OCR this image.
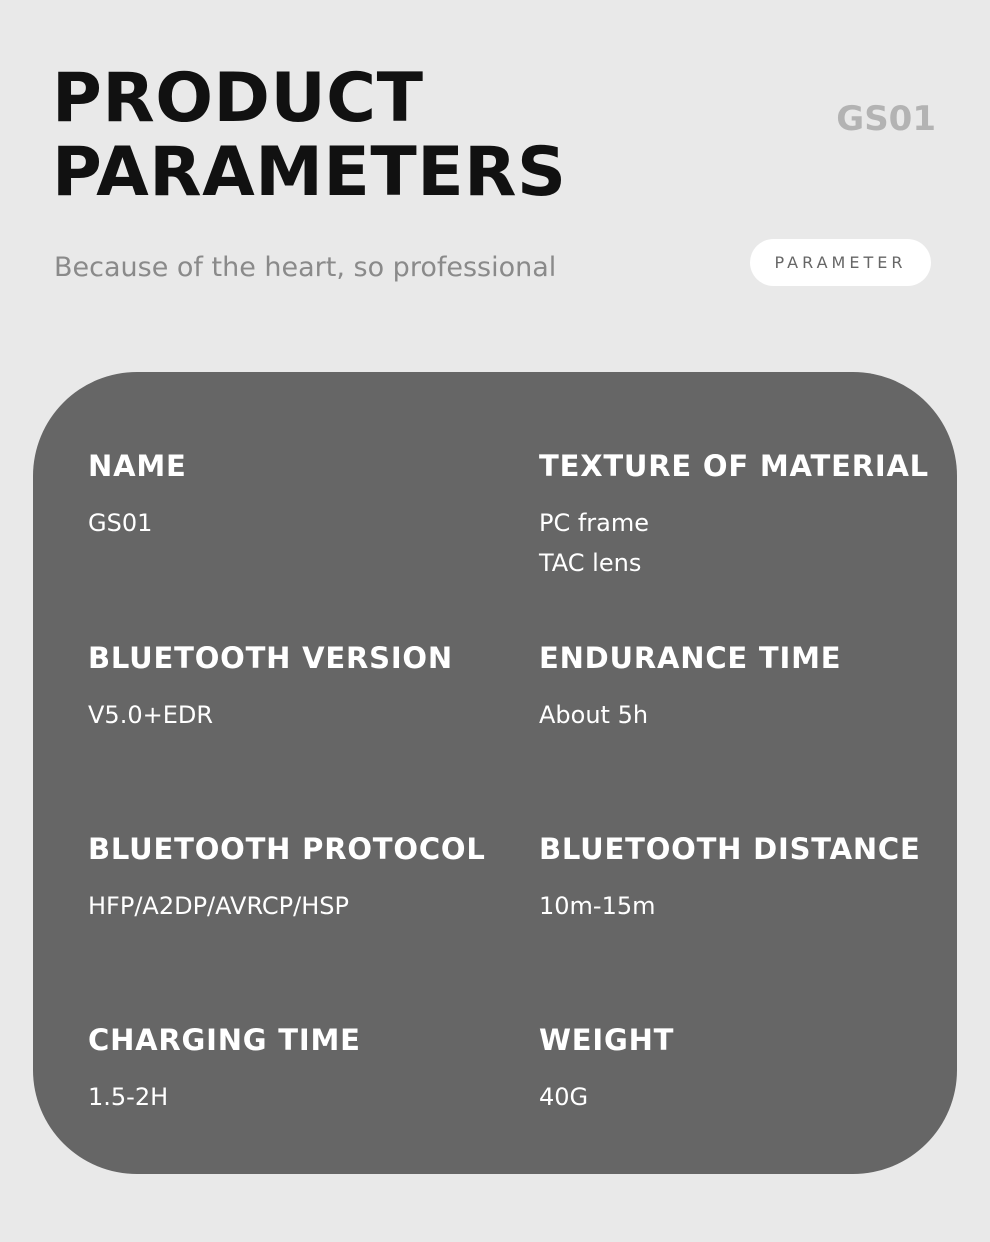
PRODUCT
PARAMETERS
GS01
Because of the heart, so professional	PARAMETER
NAME
GS01
TEXTURE OF MATERIAL
PC frame
TAC lens
BLUETOOTH VERSION
V5.0+EDR
ENDURANCE TIME
About 5h
BLUETOOTH PROTOCOL
HFP/A2DP/AVRCP/HSP
BLUETOOTH DISTANCE
10m-15m
CHARGING TIME
1.5-2H
WEIGHT
40G
